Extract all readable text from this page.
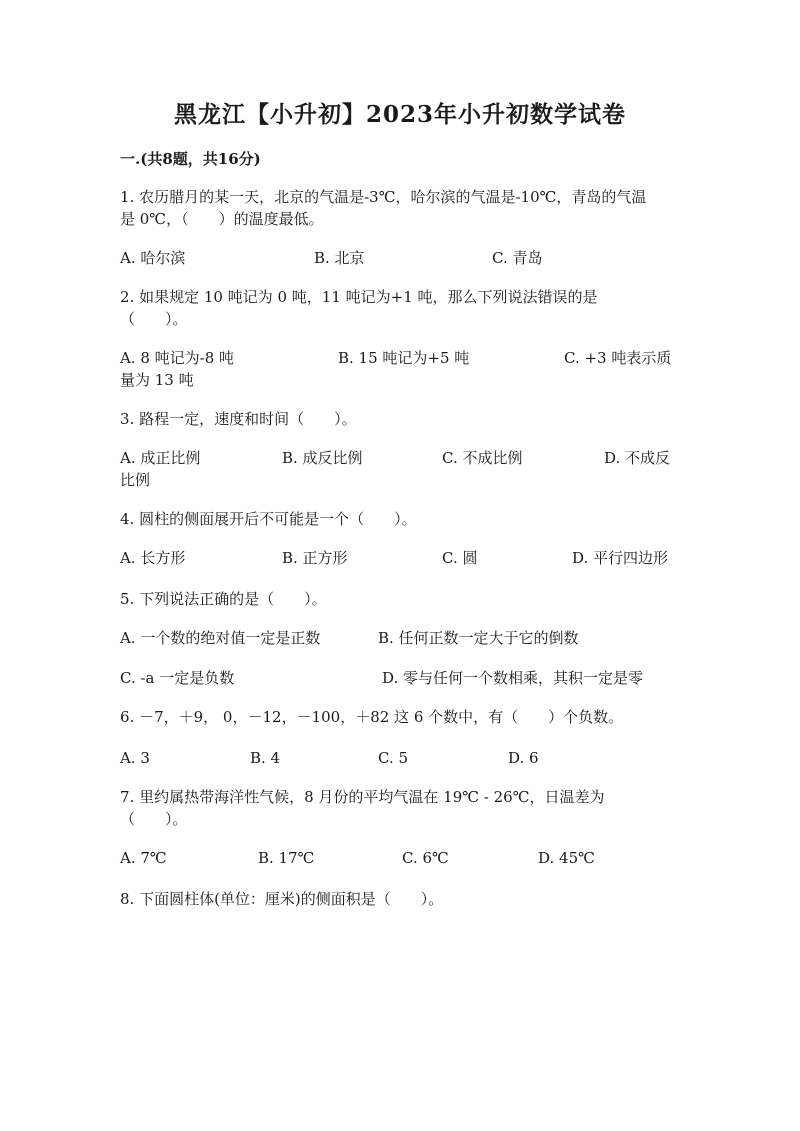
黑龙江【小升初】2023年小升初数学试卷
一.(共8题，共16分)
1. 农历腊月的某一天，北京的气温是-3℃，哈尔滨的气温是-10℃，青岛的气温
是 0℃，（　　）的温度最低。
A. 哈尔滨	B. 北京	C. 青岛
2. 如果规定 10 吨记为 0 吨，11 吨记为+1 吨，那么下列说法错误的是
（　　）。
A. 8 吨记为-8 吨	B. 15 吨记为+5 吨	C. +3 吨表示质
量为 13 吨
3. 路程一定，速度和时间（　　）。
A. 成正比例	B. 成反比例	C. 不成比例	D. 不成反
比例
4. 圆柱的侧面展开后不可能是一个（　　）。
A. 长方形	B. 正方形	C. 圆	D. 平行四边形
5. 下列说法正确的是（　　）。
A. 一个数的绝对值一定是正数	B. 任何正数一定大于它的倒数
C. -a 一定是负数	D. 零与任何一个数相乘，其积一定是零
6. －7，＋9， 0，－12，－100，＋82 这 6 个数中，有（　　）个负数。
A. 3	B. 4	C. 5	D. 6
7. 里约属热带海洋性气候，8 月份的平均气温在 19℃ - 26℃，日温差为
（　　）。
A. 7℃	B. 17℃	C. 6℃	D. 45℃
8. 下面圆柱体(单位：厘米)的侧面积是（　　）。
